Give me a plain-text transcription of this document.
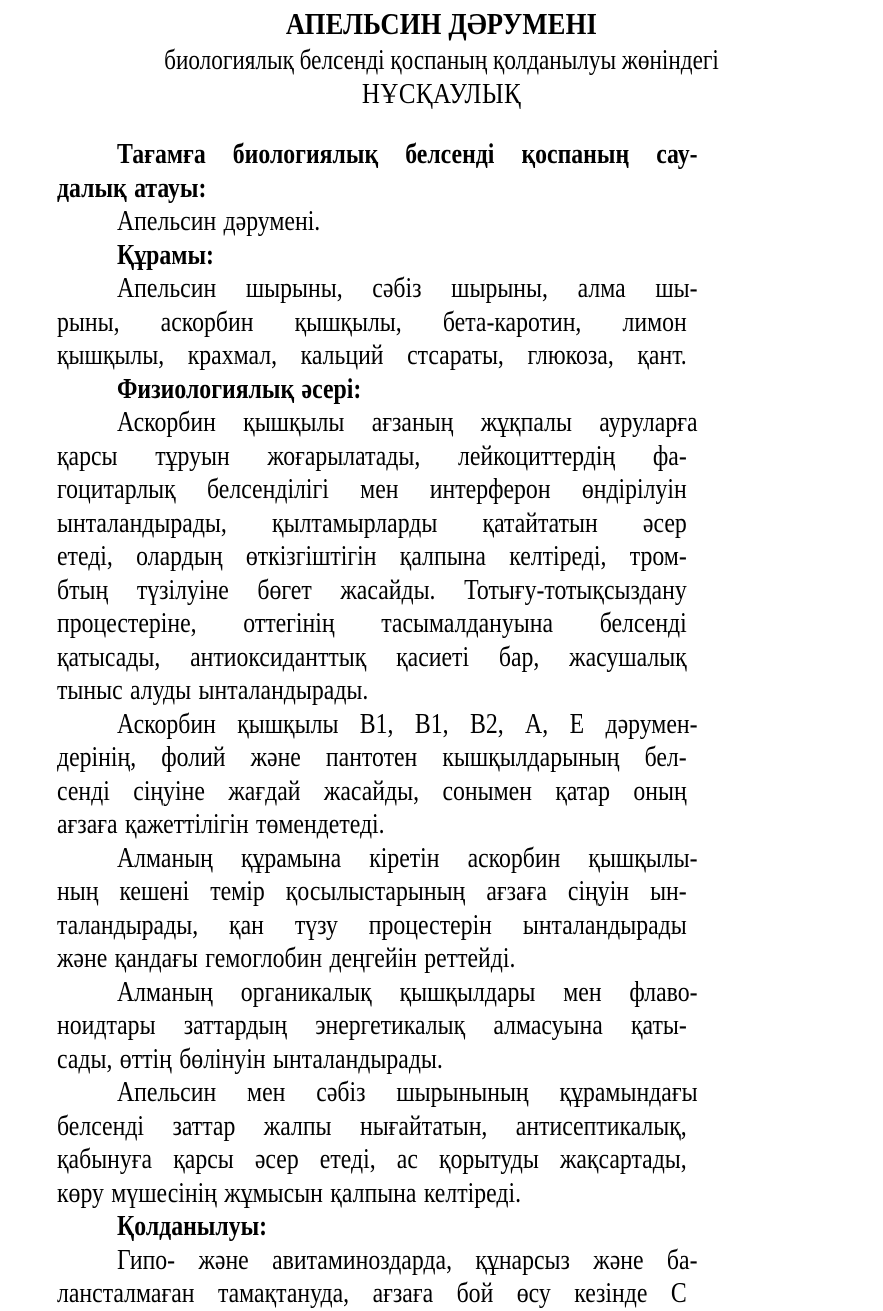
АПЕЛЬСИН ДӘРУМЕНІ
биологиялық белсенді қоспаның қолданылуы жөніндегі
НҰСҚАУЛЫҚ
Тағамға биологиялық белсенді қоспаның сау-
далық атауы:
Апельсин дәрумені.
Құрамы:
Апельсин шырыны, сәбіз шырыны, алма шы-
рыны, аскорбин қышқылы, бета-каротин, лимон
қышқылы, крахмал, кальций стсараты, глюкоза, қант.
Физиологиялық әсері:
Аскорбин қышқылы ағзаның жұқпалы ауруларға
қарсы тұруын жоғарылатады, лейкоциттердің фа-
гоцитарлық белсенділігі мен интерферон өндірілуін
ынталандырады, қылтамырларды қатайтатын әсер
етеді, олардың өткізгіштігін қалпына келтіреді, тром-
бтың түзілуіне бөгет жасайды. Тотығу-тотықсыздану
процестеріне, оттегінің тасымалдануына белсенді
қатысады, антиоксиданттық қасиеті бар, жасушалық
тыныс алуды ынталандырады.
Аскорбин қышқылы В1, В1, В2, А, Е дәрумен-
дерінің, фолий және пантотен кышқылдарының бел-
сенді сіңуіне жағдай жасайды, сонымен қатар оның
ағзаға қажеттілігін төмендетеді.
Алманың құрамына кіретін аскорбин қышқылы-
ның кешені темір қосылыстарының ағзаға сіңуін ын-
таландырады, қан түзу процестерін ынталандырады
және қандағы гемоглобин деңгейін реттейді.
Алманың органикалық қышқылдары мен флаво-
ноидтары заттардың энергетикалық алмасуына қаты-
сады, өттің бөлінуін ынталандырады.
Апельсин мен сәбіз шырынының құрамындағы
белсенді заттар жалпы нығайтатын, антисептикалық,
қабынуға қарсы әсер етеді, ас қорытуды жақсартады,
көру мүшесінің жұмысын қалпына келтіреді.
Қолданылуы:
Гипо- және авитаминоздарда, құнарсыз және ба-
лансталмаған тамақтануда, ағзаға бой өсу кезінде С
